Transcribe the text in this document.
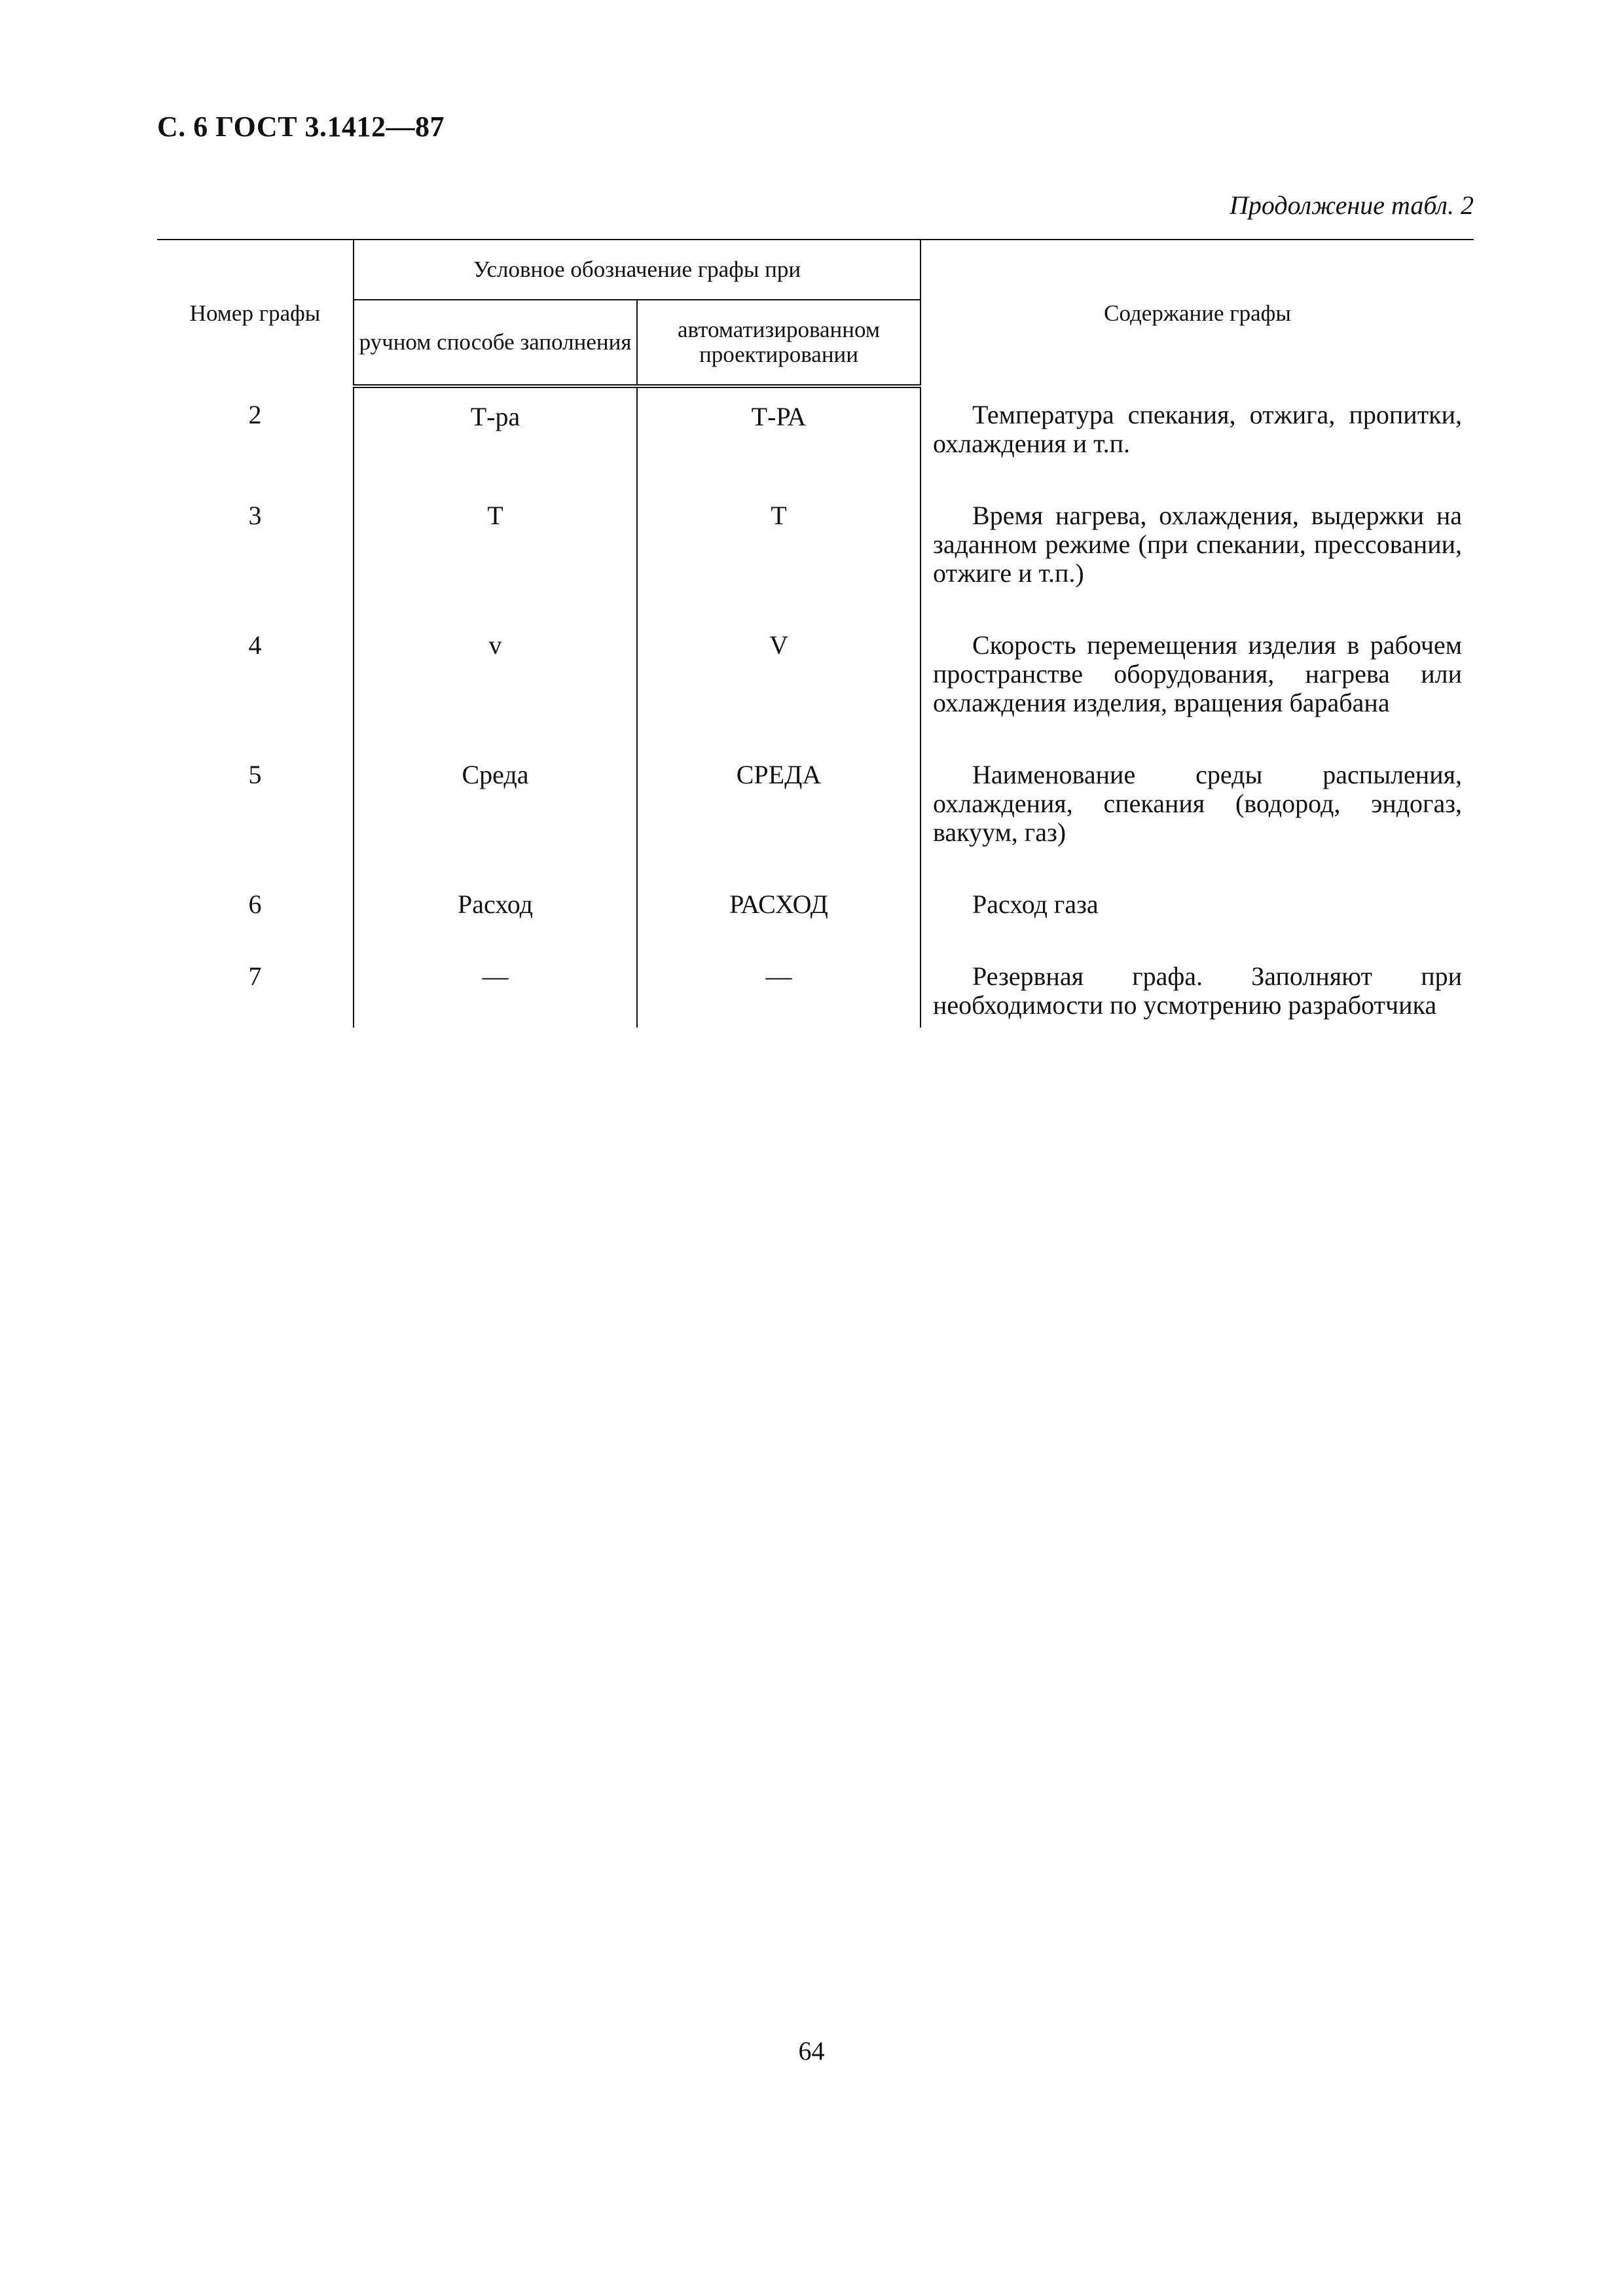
С. 6 ГОСТ 3.1412—87
Продолжение табл. 2
Номер графы	Условное обозначение графы при		Содержание графы
	ручном способе заполнения	автоматизированном проектировании	
2	Т-ра	Т-РА	Температура спекания, отжига, пропитки, охлаждения и т.п.
3	Т	Т	Время нагрева, охлаждения, выдержки на заданном режиме (при спекании, прессовании, отжиге и т.п.)
4	v	V	Скорость перемещения изделия в рабочем пространстве оборудования, нагрева или охлаждения изделия, вращения барабана
5	Среда	СРЕДА	Наименование среды распыления, охлаждения, спекания (водород, эндогаз, вакуум, газ)
6	Расход	РАСХОД	Расход газа
7	—	—	Резервная графа. Заполняют при необходимости по усмотрению разработчика
64
